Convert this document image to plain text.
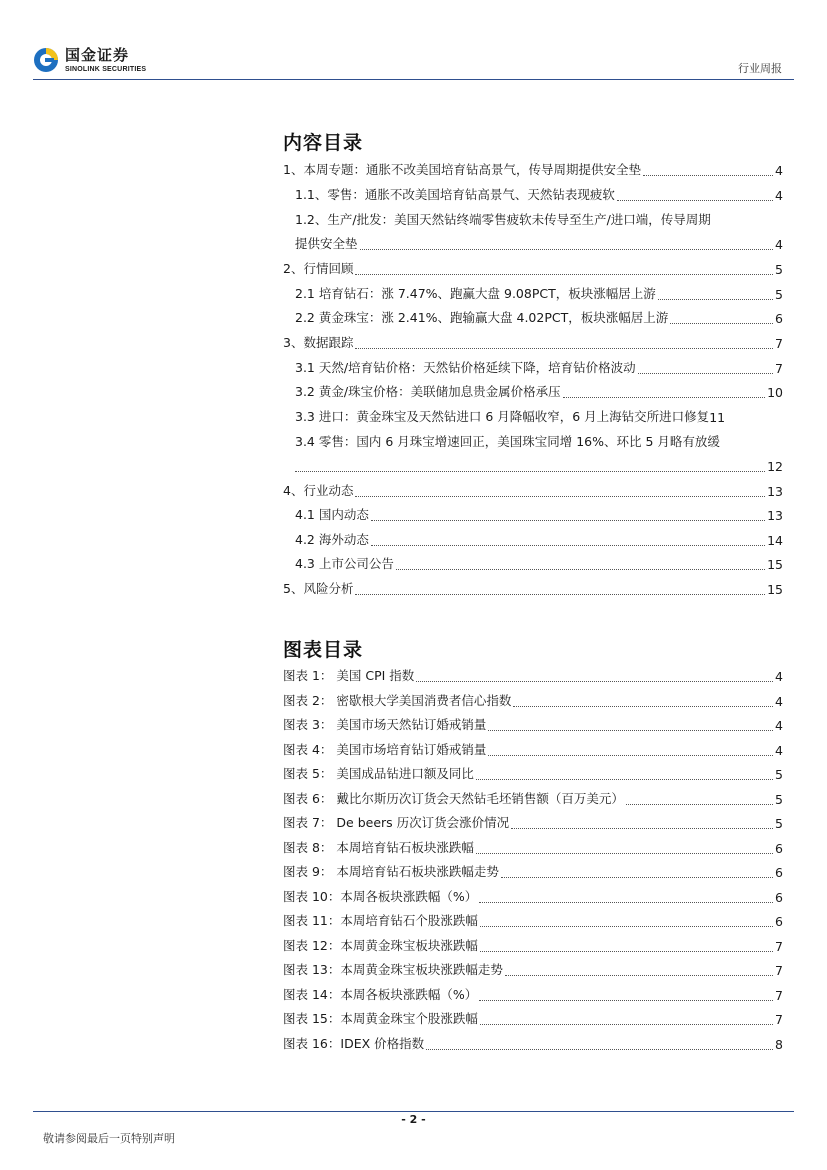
国金证券
SINOLINK SECURITIES	行业周报
内容目录
1、本周专题：通胀不改美国培育钻高景气，传导周期提供安全垫	4
1.1、零售：通胀不改美国培育钻高景气、天然钻表现疲软	4
1.2、生产/批发：美国天然钻终端零售疲软未传导至生产/进口端，传导周期
提供安全垫	4
2、行情回顾	5
2.1 培育钻石：涨 7.47%、跑赢大盘 9.08PCT，板块涨幅居上游	5
2.2 黄金珠宝：涨 2.41%、跑输赢大盘 4.02PCT，板块涨幅居上游	6
3、数据跟踪	7
3.1 天然/培育钻价格：天然钻价格延续下降，培育钻价格波动	7
3.2 黄金/珠宝价格：美联储加息贵金属价格承压	10
3.3 进口：黄金珠宝及天然钻进口 6 月降幅收窄，6 月上海钻交所进口修复 11
3.4 零售：国内 6 月珠宝增速回正，美国珠宝同增 16%、环比 5 月略有放缓
12
4、行业动态	13
4.1 国内动态	13
4.2 海外动态	14
4.3 上市公司公告	15
5、风险分析	15
图表目录
图表 1： 美国 CPI 指数	4
图表 2： 密歇根大学美国消费者信心指数	4
图表 3： 美国市场天然钻订婚戒销量	4
图表 4： 美国市场培育钻订婚戒销量	4
图表 5： 美国成品钻进口额及同比	5
图表 6： 戴比尔斯历次订货会天然钻毛坯销售额（百万美元）	5
图表 7： De beers 历次订货会涨价情况	5
图表 8： 本周培育钻石板块涨跌幅	6
图表 9： 本周培育钻石板块涨跌幅走势	6
图表 10：本周各板块涨跌幅（%）	6
图表 11：本周培育钻石个股涨跌幅	6
图表 12：本周黄金珠宝板块涨跌幅	7
图表 13：本周黄金珠宝板块涨跌幅走势	7
图表 14：本周各板块涨跌幅（%）	7
图表 15：本周黄金珠宝个股涨跌幅	7
图表 16：IDEX 价格指数	8
- 2 -
敬请参阅最后一页特别声明
